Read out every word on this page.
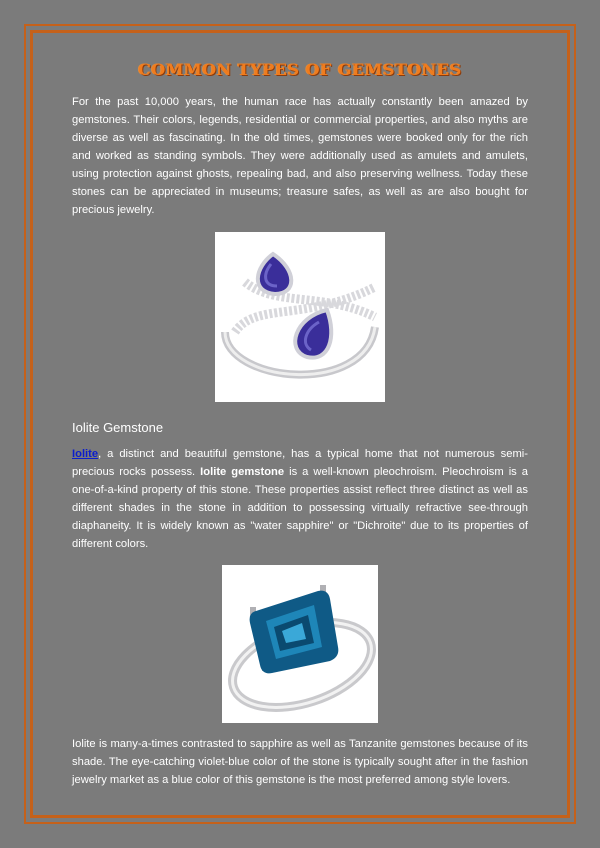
COMMON TYPES OF GEMSTONES

For the past 10,000 years, the human race has actually constantly been amazed by gemstones. Their colors, legends, residential or commercial properties, and also myths are diverse as well as fascinating. In the old times, gemstones were booked only for the rich and worked as standing symbols. They were additionally used as amulets and amulets, using protection against ghosts, repealing bad, and also preserving wellness. Today these stones can be appreciated in museums; treasure safes, as well as are also bought for precious jewelry.

Iolite Gemstone

Iolite, a distinct and beautiful gemstone, has a typical home that not numerous semi-precious rocks possess. Iolite gemstone is a well-known pleochroism. Pleochroism is a one-of-a-kind property of this stone. These properties assist reflect three distinct as well as different shades in the stone in addition to possessing virtually refractive see-through diaphaneity. It is widely known as "water sapphire" or "Dichroite" due to its properties of different colors.

Iolite is many-a-times contrasted to sapphire as well as Tanzanite gemstones because of its shade. The eye-catching violet-blue color of the stone is typically sought after in the fashion jewelry market as a blue color of this gemstone is the most preferred among style lovers.
